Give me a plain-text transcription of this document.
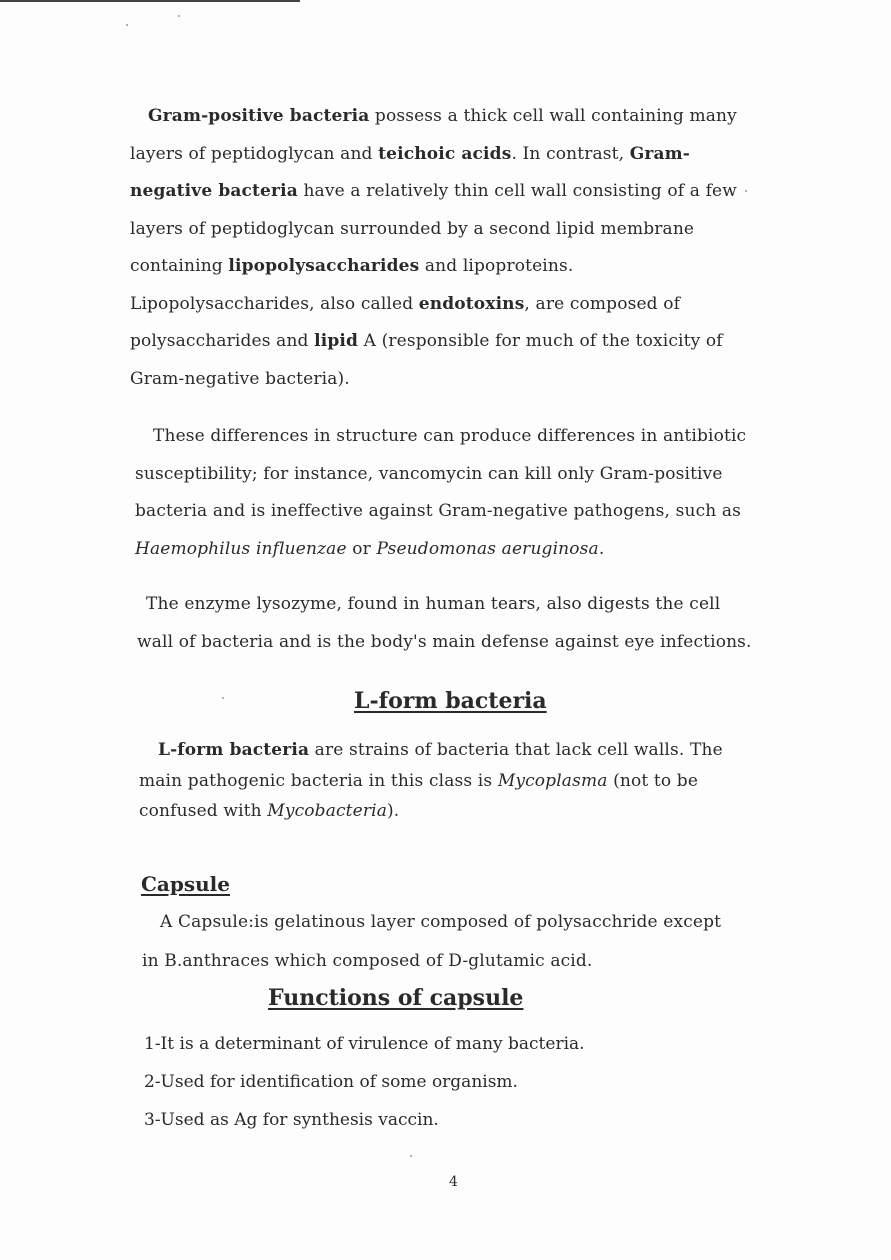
Gram-positive bacteria possess a thick cell wall containing many
layers of peptidoglycan and teichoic acids. In contrast, Gram-
negative bacteria have a relatively thin cell wall consisting of a few
layers of peptidoglycan surrounded by a second lipid membrane
containing lipopolysaccharides and lipoproteins.
Lipopolysaccharides, also called endotoxins, are composed of
polysaccharides and lipid A (responsible for much of the toxicity of
Gram-negative bacteria).
These differences in structure can produce differences in antibiotic
susceptibility; for instance, vancomycin can kill only Gram-positive
bacteria and is ineffective against Gram-negative pathogens, such as
Haemophilus influenzae or Pseudomonas aeruginosa.
The enzyme lysozyme, found in human tears, also digests the cell
wall of bacteria and is the body's main defense against eye infections.
L-form bacteria
L-form bacteria are strains of bacteria that lack cell walls. The
main pathogenic bacteria in this class is Mycoplasma (not to be
confused with Mycobacteria).
Capsule
A Capsule:is gelatinous layer composed of polysacchride except
in B.anthraces which composed of D-glutamic acid.
Functions of capsule
1-It is a determinant of virulence of many bacteria.
2-Used for identification of some organism.
3-Used as Ag for synthesis vaccin.
4
